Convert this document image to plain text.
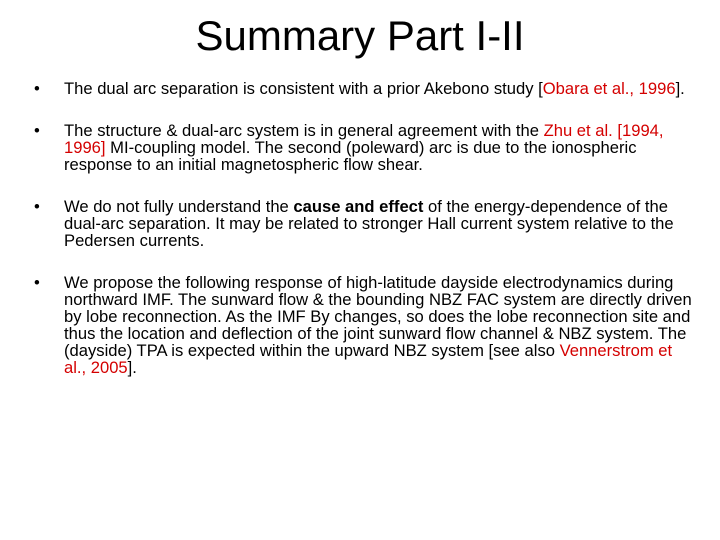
Summary Part I-II
• The dual arc separation is consistent with a prior Akebono study [Obara et al., 1996].
• The structure & dual-arc system is in general agreement with the Zhu et al. [1994, 1996] MI-coupling model. The second (poleward) arc is due to the ionospheric response to an initial magnetospheric flow shear.
• We do not fully understand the cause and effect of the energy-dependence of the dual-arc separation. It may be related to stronger Hall current system relative to the Pedersen currents.
• We propose the following response of high-latitude dayside electrodynamics during northward IMF. The sunward flow & the bounding NBZ FAC system are directly driven by lobe reconnection. As the IMF By changes, so does the lobe reconnection site and thus the location and deflection of the joint sunward flow channel & NBZ system. The (dayside) TPA is expected within the upward NBZ system [see also Vennerstrom et al., 2005].
